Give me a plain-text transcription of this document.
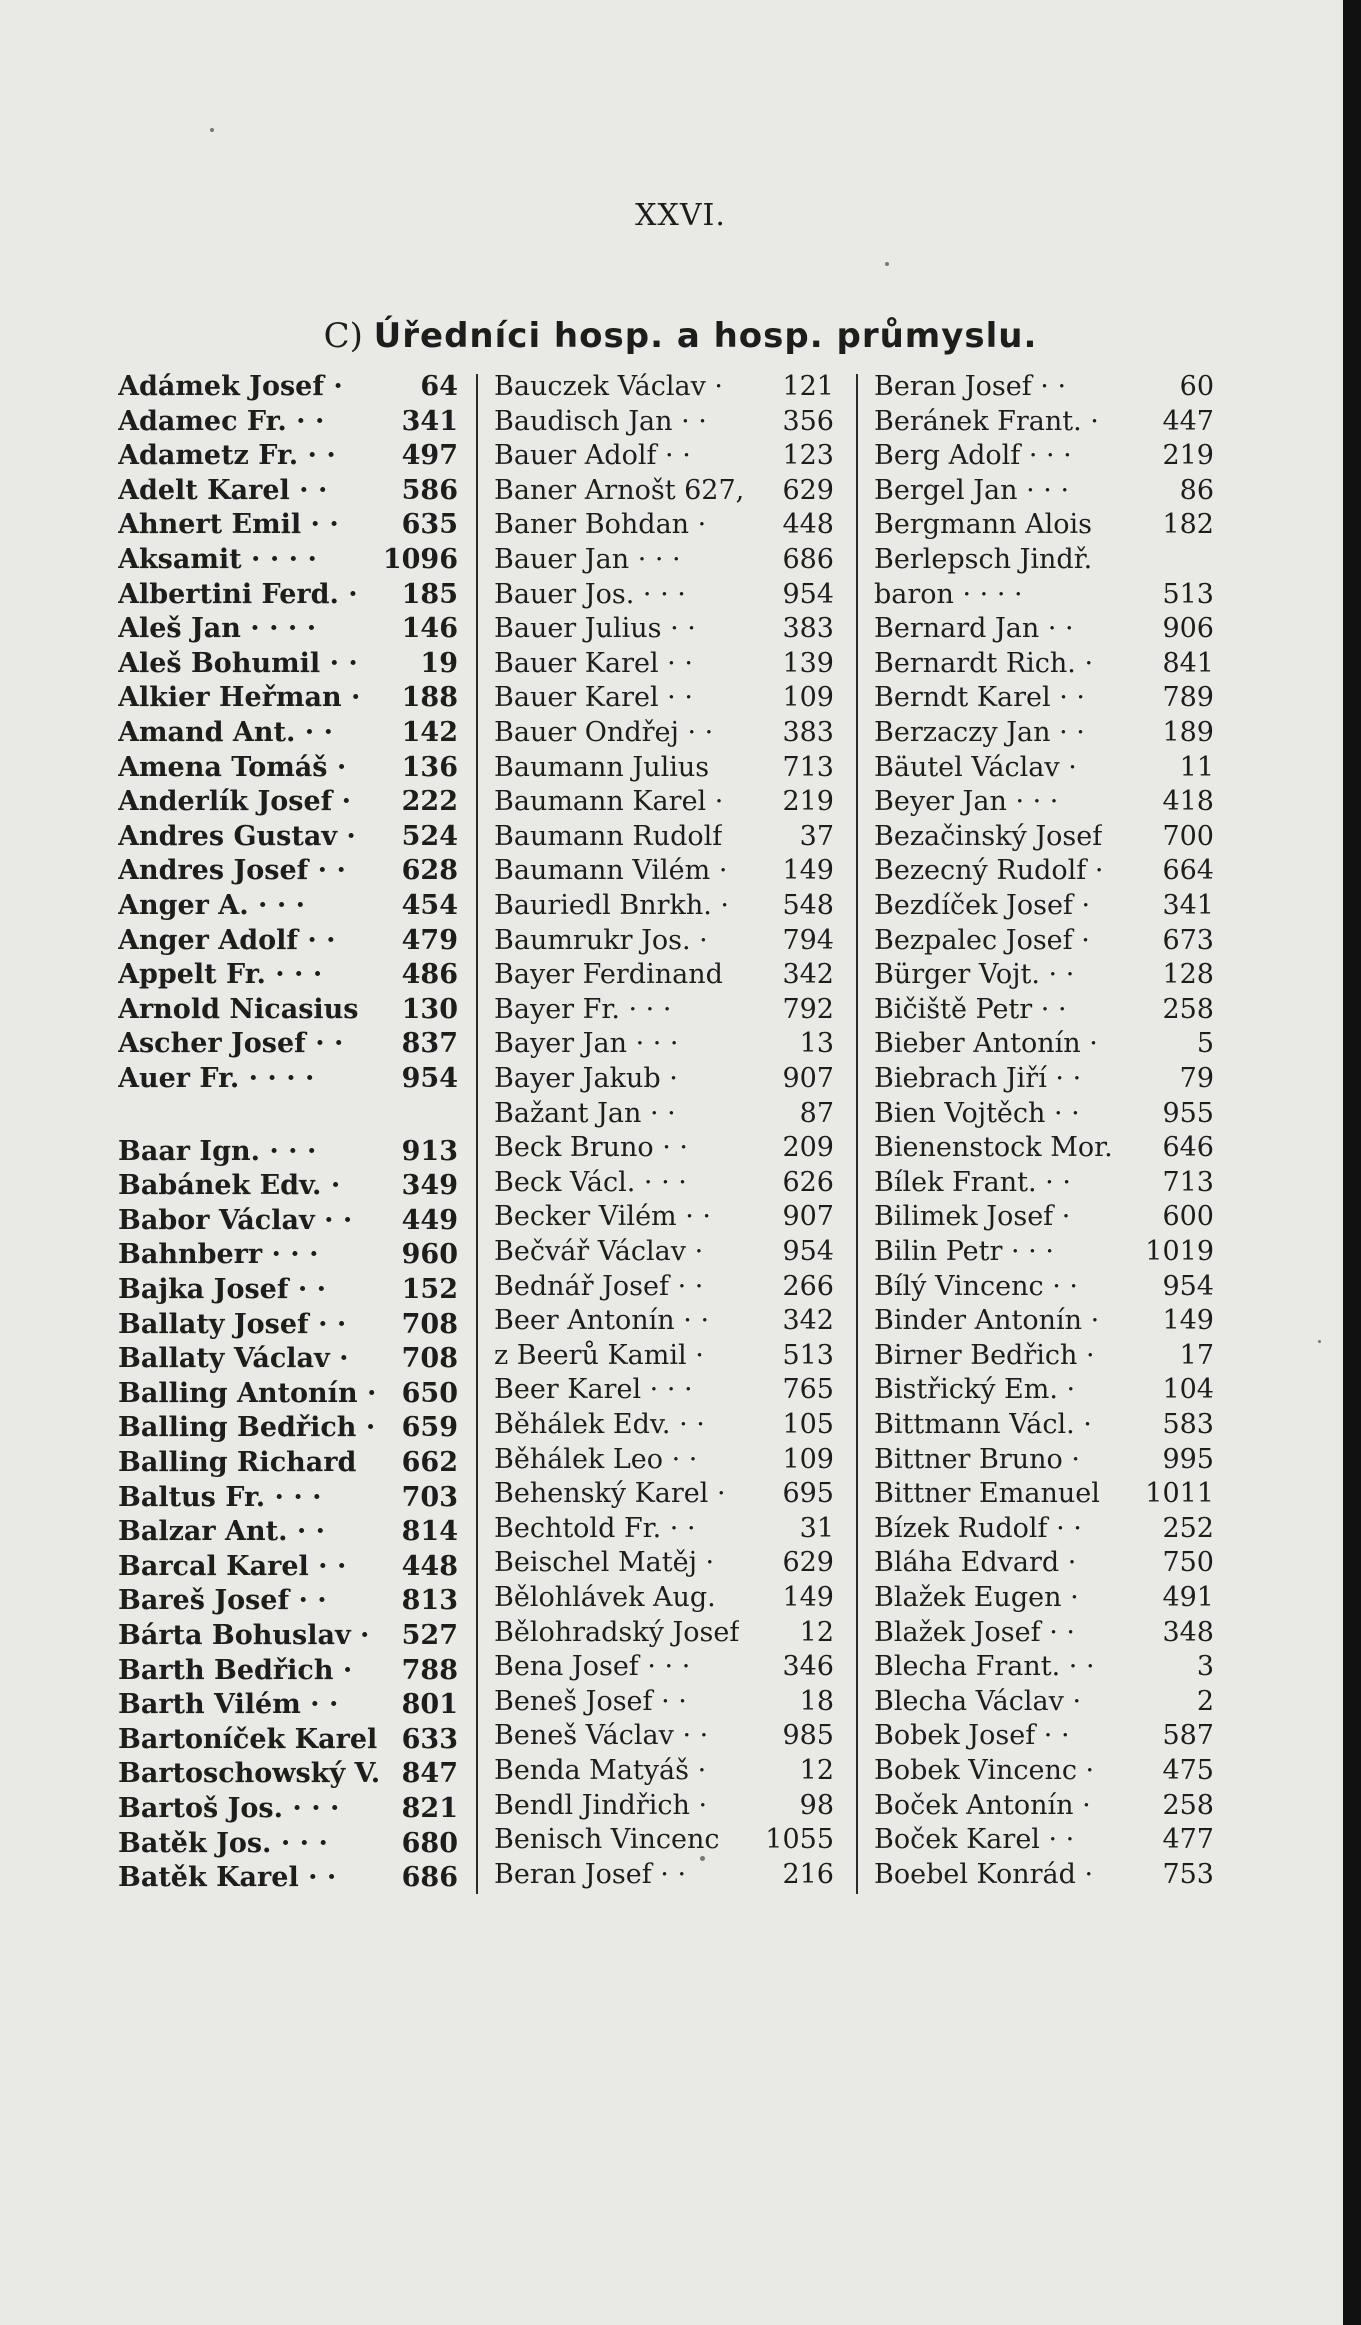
XXVI.
C) Úředníci hosp. a hosp. průmyslu.
Adámek Josef ·	64
Adamec Fr. · ·	341
Adametz Fr. · · 497
Adelt Karel · ·	586
Ahnert Emil · · 635
Aksamit · · · · 1096
Albertini Ferd. · 185
Aleš Jan · · · ·	146
Aleš Bohumil · ·	19
Alkier Heřman · 188
Amand Ant. · ·	142
Amena Tomáš · 136
Anderlík Josef · 222
Andres Gustav · 524
Andres Josef · · 628
Anger A. · · ·	454
Anger Adolf · · 479
Appelt Fr. · · ·	486
Arnold Nicasius 130
Ascher Josef · · 837
Auer Fr. · · · ·	954
Baar Ign. · · ·	913
Babánek Edv. · 349
Babor Václav · · 449
Bahnberr · · ·	960
Bajka Josef · ·	152
Ballaty Josef · · 708
Ballaty Václav · 708
Balling Antonín · 650
Balling Bedřich · 659
Balling Richard 662
Baltus Fr. · · ·	703
Balzar Ant. · ·	814
Barcal Karel · · 448
Bareš Josef · ·	813
Bárta Bohuslav · 527
Barth Bedřich · 788
Barth Vilém · · 801
Bartoníček Karel 633
Bartoschowský V. 847
Bartoš Jos. · · · 821
Batěk Jos. · · ·	680
Batěk Karel · · 686
Bauczek Václav · 121
Baudisch Jan · ·	356
Bauer Adolf · ·	123
Baner Arnošt 627, 629
Baner Bohdan ·	448
Bauer Jan · · ·	686
Bauer Jos. · · ·	954
Bauer Julius · ·	383
Bauer Karel · ·	139
Bauer Karel · ·	109
Bauer Ondřej · ·	383
Baumann Julius	713
Baumann Karel · 219
Baumann Rudolf	37
Baumann Vilém · 149
Bauriedl Bnrkh. · 548
Baumrukr Jos. ·	794
Bayer Ferdinand 342
Bayer Fr. · · ·	792
Bayer Jan · · ·	13
Bayer Jakub ·	907
Bažant Jan · ·	87
Beck Bruno · ·	209
Beck Václ. · · ·	626
Becker Vilém · ·	907
Bečvář Václav ·	954
Bednář Josef · ·	266
Beer Antonín · ·	342
z Beerů Kamil ·	513
Beer Karel · · ·	765
Běhálek Edv. · ·	105
Běhálek Leo · ·	109
Behenský Karel · 695
Bechtold Fr. · ·	31
Beischel Matěj ·	629
Bělohlávek Aug. 149
Bělohradský Josef	12
Bena Josef · · ·	346
Beneš Josef · ·	18
Beneš Václav · ·	985
Benda Matyáš ·	12
Bendl Jindřich ·	98
Benisch Vincenc 1055
Beran Josef · ·	216
Beran Josef · ·	60
Beránek Frant. · 447
Berg Adolf · · ·	219
Bergel Jan · · ·	86
Bergmann Alois	182
Berlepsch Jindř.
baron · · · ·	513
Bernard Jan · ·	906
Bernardt Rich. ·	841
Berndt Karel · ·	789
Berzaczy Jan · ·	189
Bäutel Václav ·	11
Beyer Jan · · ·	418
Bezačinský Josef 700
Bezecný Rudolf · 664
Bezdíček Josef ·	341
Bezpalec Josef ·	673
Bürger Vojt. · ·	128
Bičiště Petr · ·	258
Bieber Antonín ·	5
Biebrach Jiří · ·	79
Bien Vojtěch · ·	955
Bienenstock Mor. 646
Bílek Frant. · ·	713
Bilimek Josef ·	600
Bilin Petr · · ·	1019
Bílý Vincenc · ·	954
Binder Antonín · 149
Birner Bedřich ·	17
Bistřický Em. ·	104
Bittmann Václ. ·	583
Bittner Bruno ·	995
Bittner Emanuel 1011
Bízek Rudolf · ·	252
Bláha Edvard ·	750
Blažek Eugen ·	491
Blažek Josef · ·	348
Blecha Frant. · ·	3
Blecha Václav ·	2
Bobek Josef · ·	587
Bobek Vincenc ·	475
Boček Antonín ·	258
Boček Karel · ·	477
Boebel Konrád ·	753
